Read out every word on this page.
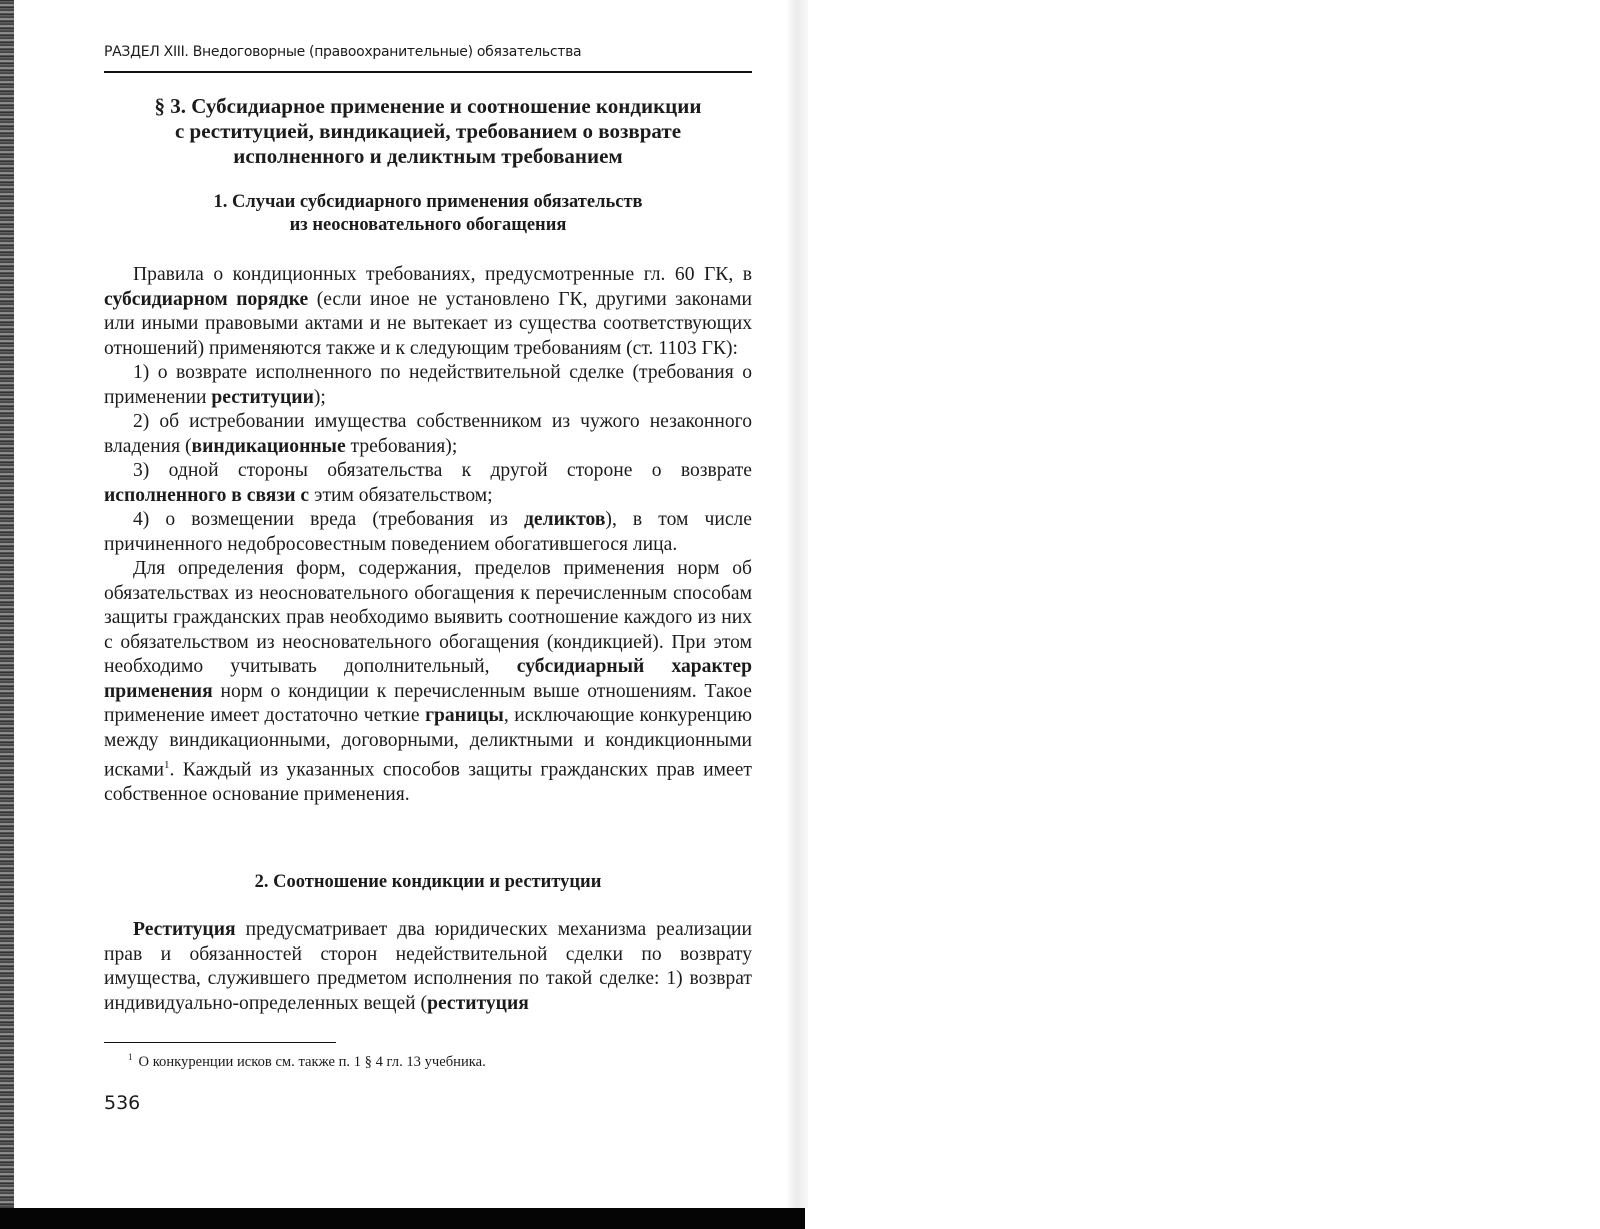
РАЗДЕЛ XIII. Внедоговорные (правоохранительные) обязательства
§ 3. Субсидиарное применение и соотношение кондикции
с реституцией, виндикацией, требованием о возврате
исполненного и деликтным требованием
1. Случаи субсидиарного применения обязательств
из неосновательного обогащения

Правила о кондиционных требованиях, предусмотренные гл. 60 ГК, в субсидиарном порядке (если иное не установлено ГК, другими законами или иными правовыми актами и не вытекает из существа соответствующих отношений) применяются также и к следующим требованиям (ст. 1103 ГК):

1) о возврате исполненного по недействительной сделке (требования о применении реституции);

2) об истребовании имущества собственником из чужого незаконного владения (виндикационные требования);

3) одной стороны обязательства к другой стороне о возврате исполненного в связи с этим обязательством;

4) о возмещении вреда (требования из деликтов), в том числе причиненного недобросовестным поведением обогатившегося лица.

Для определения форм, содержания, пределов применения норм об обязательствах из неосновательного обогащения к перечисленным способам защиты гражданских прав необходимо выявить соотношение каждого из них с обязательством из неосновательного обогащения (кондикцией). При этом необходимо учитывать дополнительный, субсидиарный характер применения норм о кондиции к перечисленным выше отношениям. Такое применение имеет достаточно четкие границы, исключающие конкуренцию между виндикационными, договорными, деликтными и кондикционными исками$^1$. Каждый из указанных способов защиты гражданских прав имеет собственное основание применения.

2. Соотношение кондикции и реституции

Реституция предусматривает два юридических механизма реализации прав и обязанностей сторон недействительной сделки по возврату имущества, служившего предметом исполнения по такой сделке: 1) возврат индивидуально-определенных вещей (реституция

$^1$ О конкуренции исков см. также п. 1 § 4 гл. 13 учебника.
536
